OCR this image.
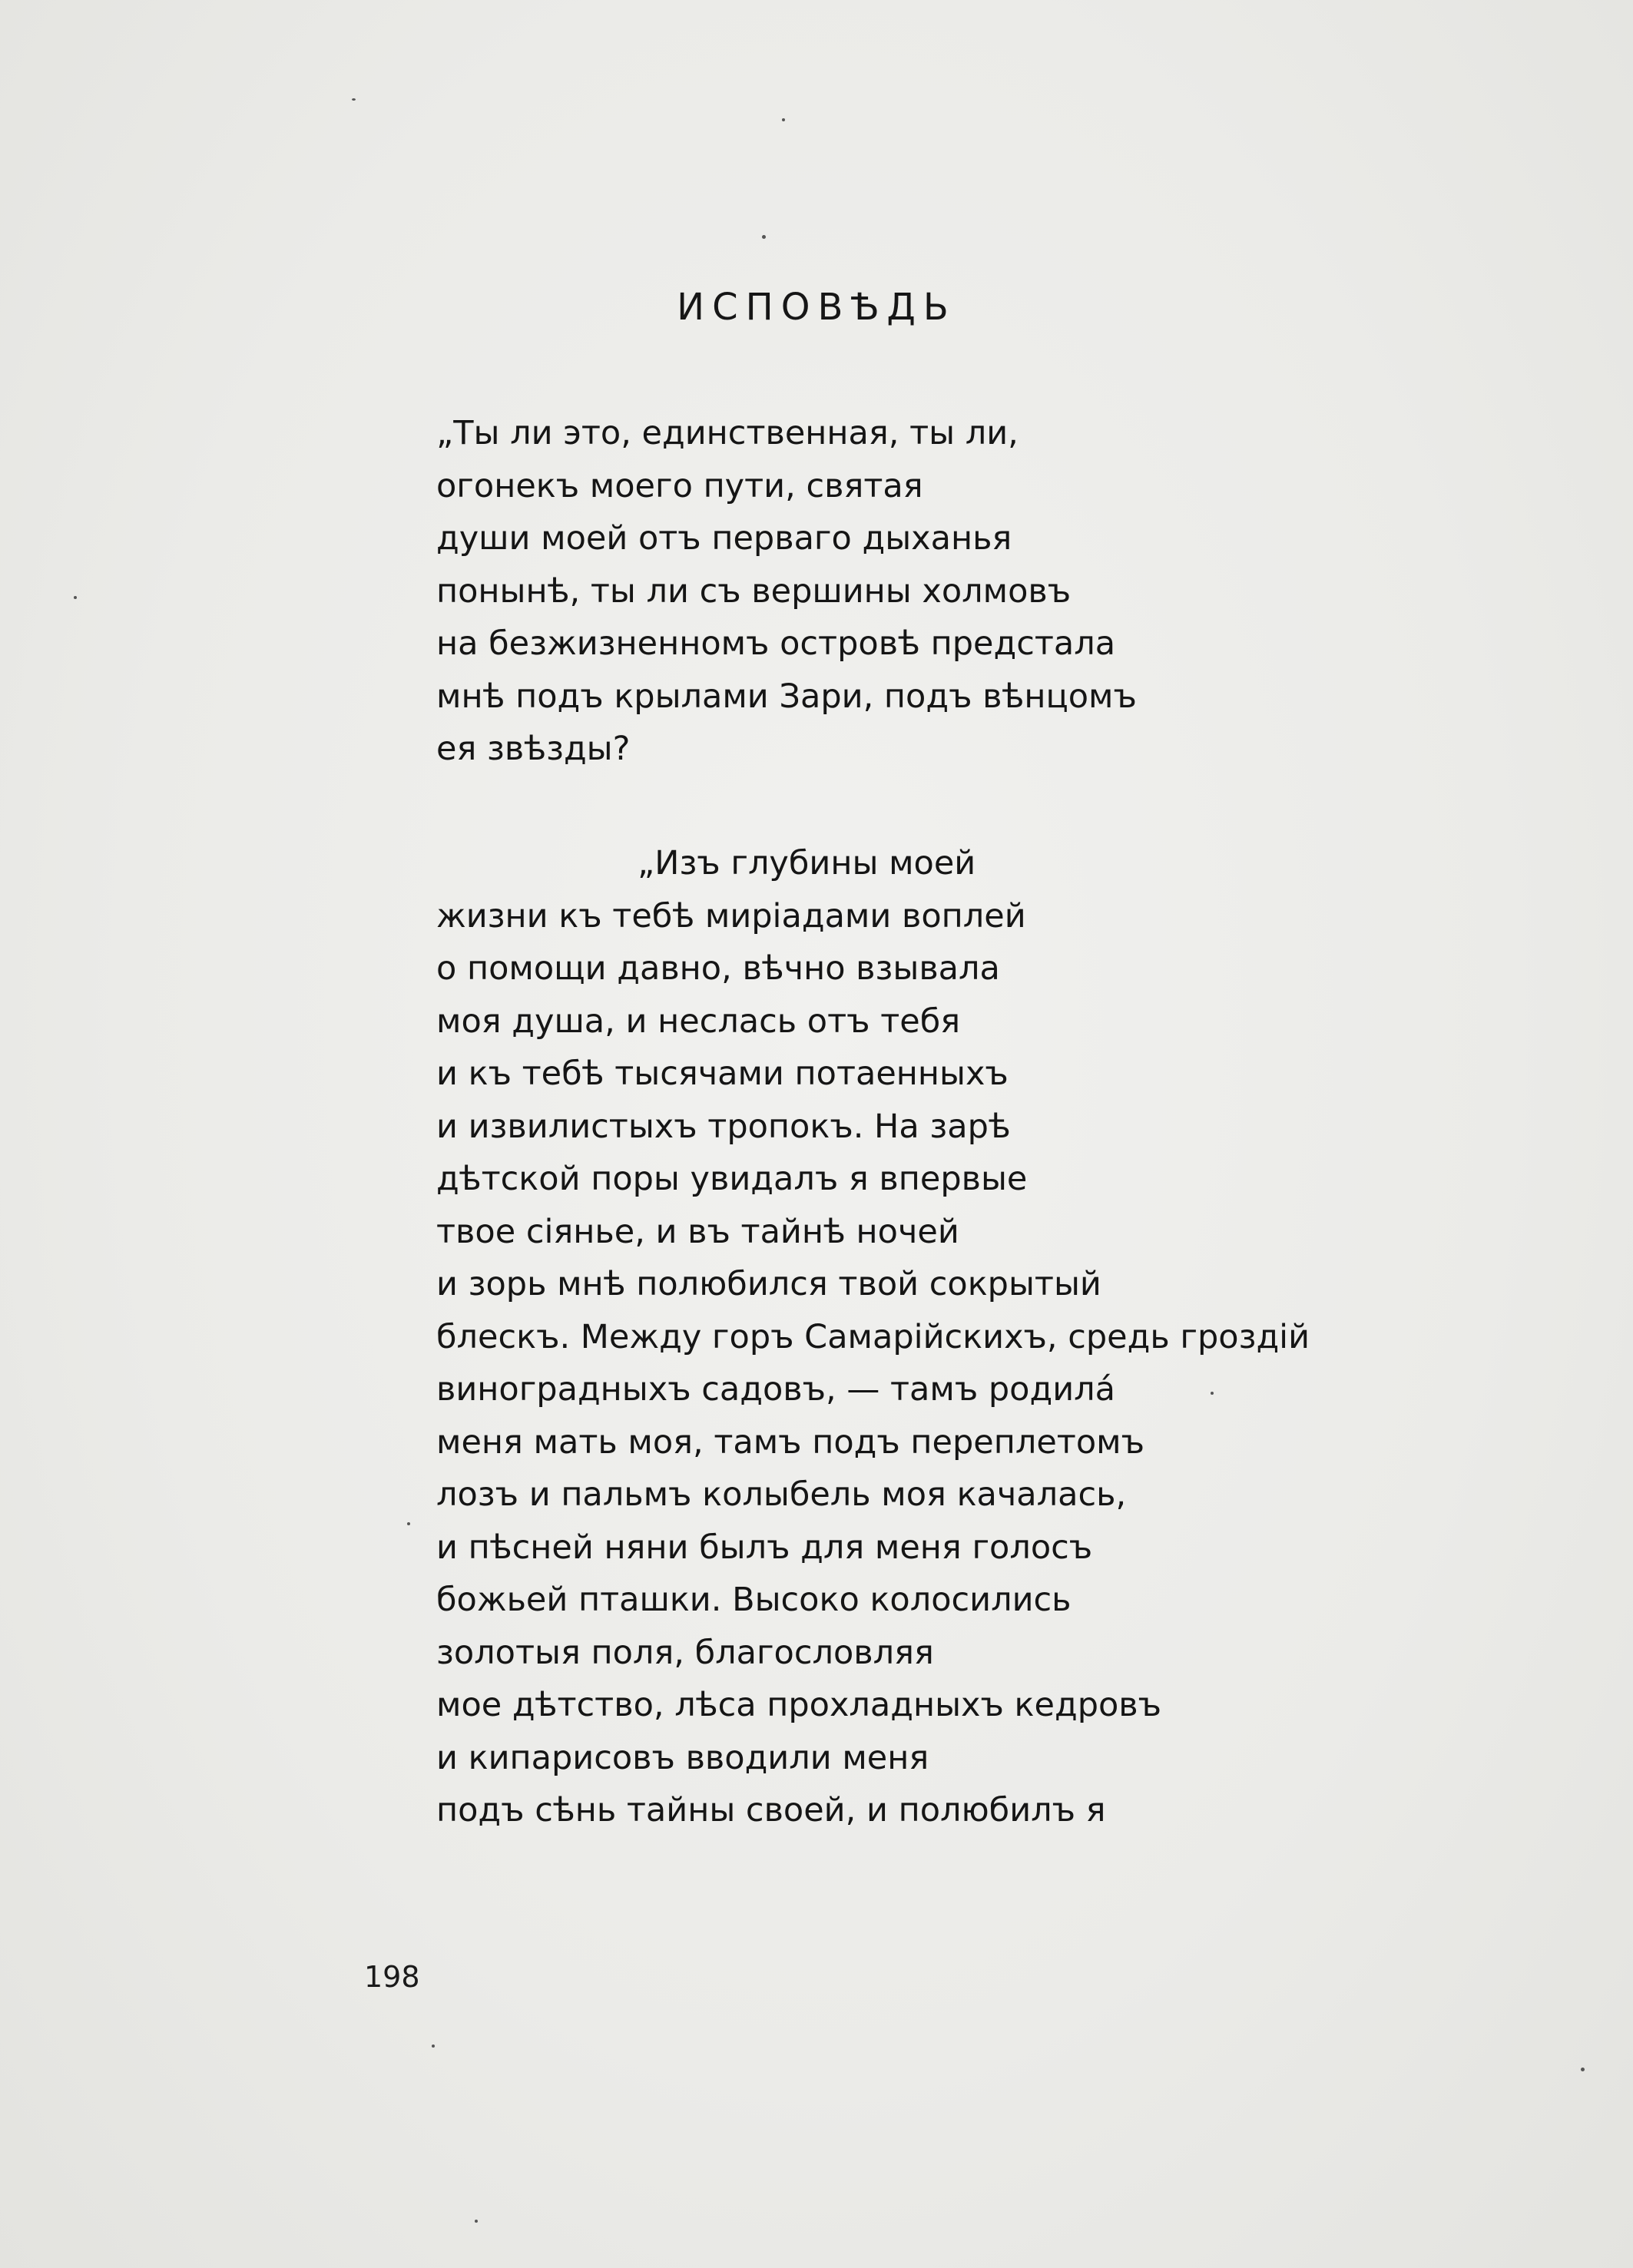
ИСПОВѢДЬ
„Ты ли это, единственная, ты ли,
огонекъ моего пути, святая
души моей отъ перваго дыханья
понынѣ, ты ли съ вершины холмовъ
на безжизненномъ островѣ предстала
мнѣ подъ крылами Зари, подъ вѣнцомъ
ея звѣзды?
„Изъ глубины моей
жизни къ тебѣ миріадами воплей
о помощи давно, вѣчно взывала
моя душа, и неслась отъ тебя
и къ тебѣ тысячами потаенныхъ
и извилистыхъ тропокъ. На зарѣ
дѣтской поры увидалъ я впервые
твое сіянье, и въ тайнѣ ночей
и зорь мнѣ полюбился твой сокрытый
блескъ. Между горъ Самарійскихъ, средь гроздій
виноградныхъ садовъ, — тамъ родила́
меня мать моя, тамъ подъ переплетомъ
лозъ и пальмъ колыбель моя качалась,
и пѣсней няни былъ для меня голосъ
божьей пташки. Высоко колосились
золотыя поля, благословляя
мое дѣтство, лѣса прохладныхъ кедровъ
и кипарисовъ вводили меня
подъ сѣнь тайны своей, и полюбилъ я
198
